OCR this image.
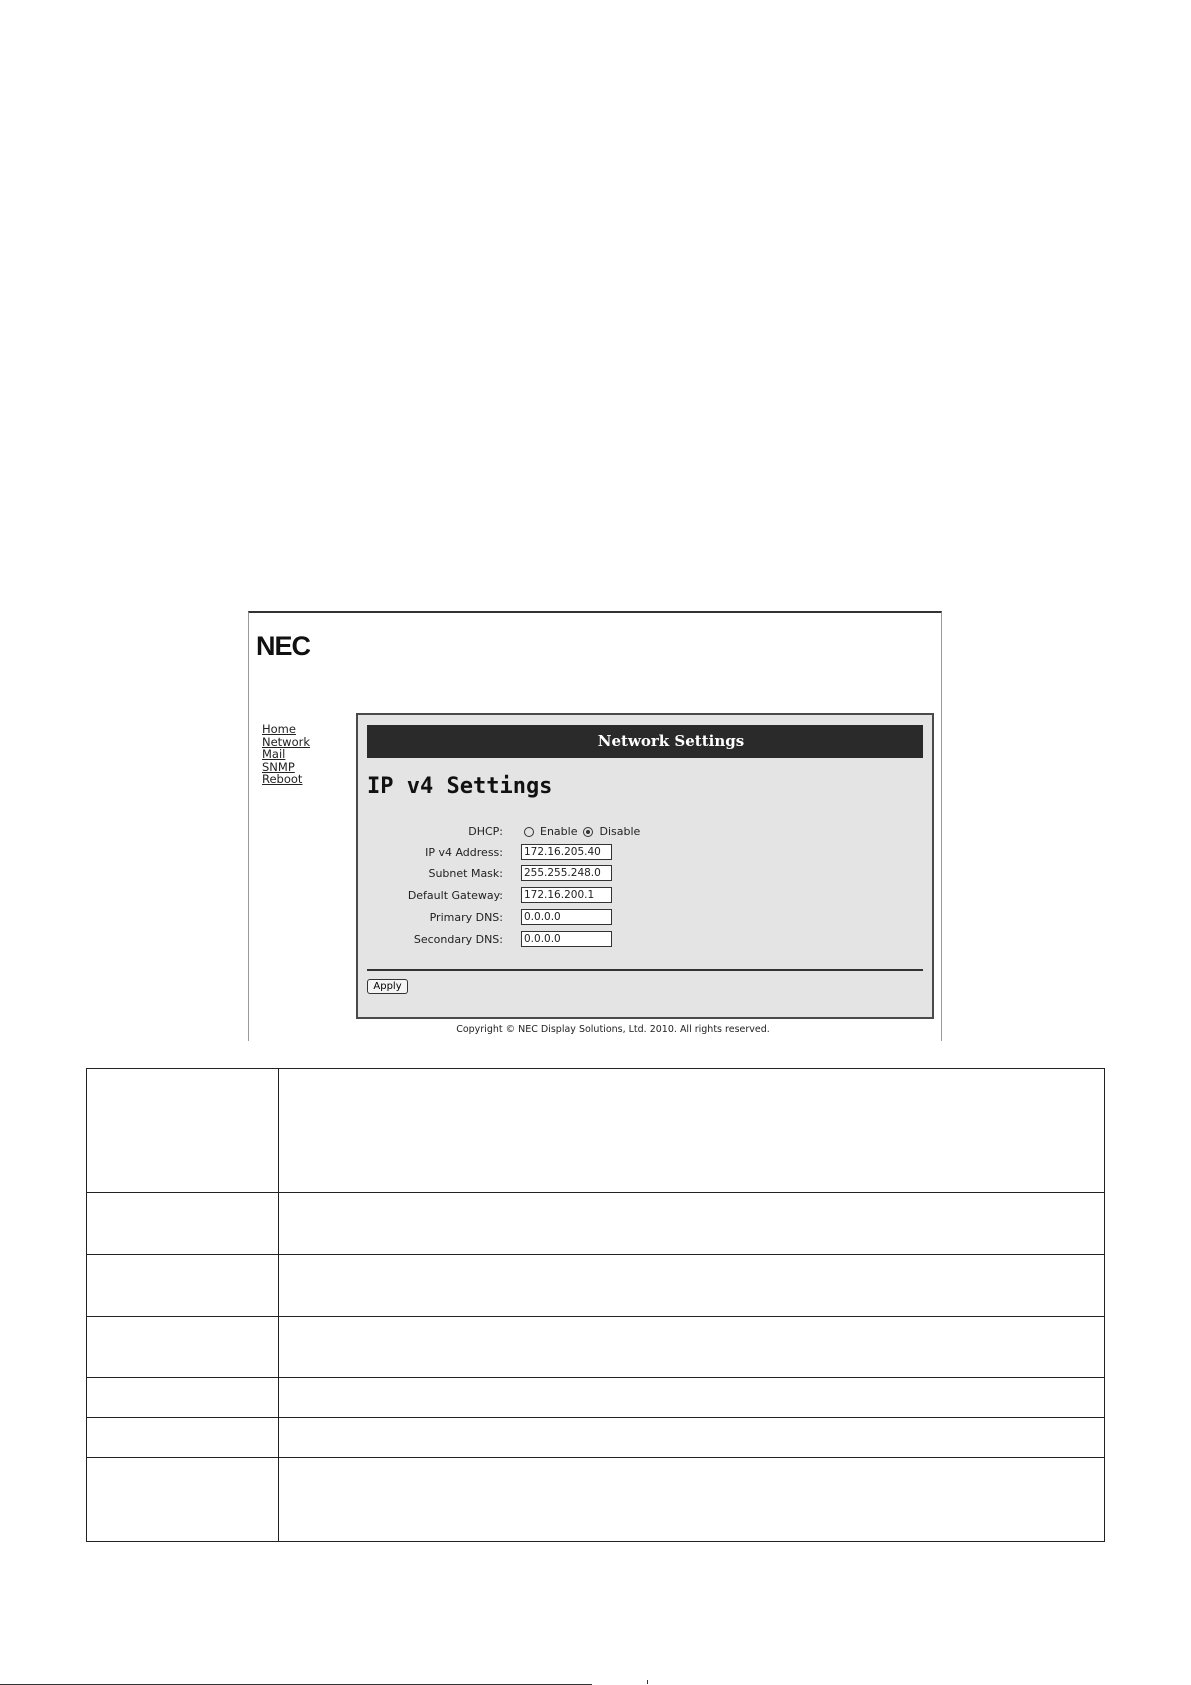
NEC
Home
Network
Mail
SNMP
Reboot
Network Settings
IP v4 Settings
DHCP:	Enable Disable
IP v4 Address:
172.16.205.40
Subnet Mask:
255.255.248.0
Default Gateway:
172.16.200.1
Primary DNS:
0.0.0.0
Secondary DNS:
0.0.0.0
Apply
Copyright © NEC Display Solutions, Ltd. 2010. All rights reserved.
